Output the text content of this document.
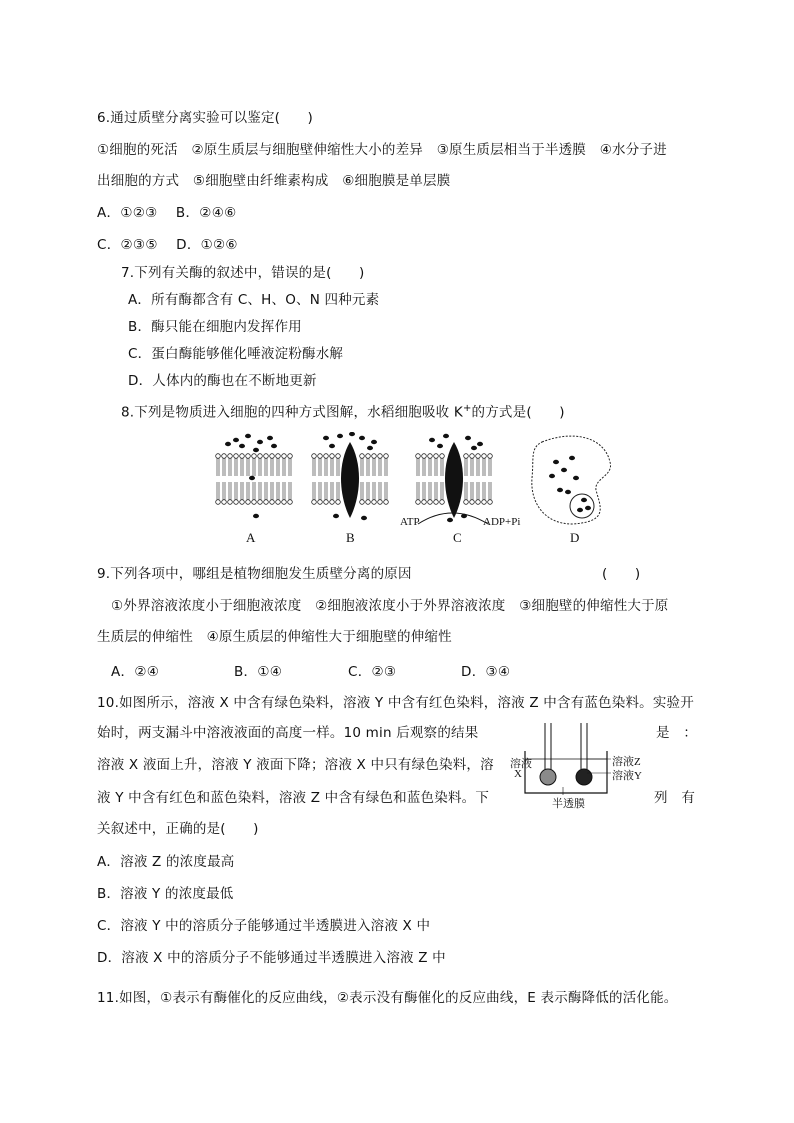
6.通过质壁分离实验可以鉴定(　　)
①细胞的死活　②原生质层与细胞壁伸缩性大小的差异　③原生质层相当于半透膜　④水分子进
出细胞的方式　⑤细胞壁由纤维素构成　⑥细胞膜是单层膜
A．①②③　 B．②④⑥
C．②③⑤　 D．①②⑥
7.下列有关酶的叙述中，错误的是(　　)
A．所有酶都含有 C、H、O、N 四种元素
B．酶只能在细胞内发挥作用
C．蛋白酶能够催化唾液淀粉酶水解
D．人体内的酶也在不断地更新
8.下列是物质进入细胞的四种方式图解，水稻细胞吸收 K+的方式是(　　)
A	B	C	D
ATP	ADP+Pi
9.下列各项中，哪组是植物细胞发生质壁分离的原因	(　　)
①外界溶液浓度小于细胞液浓度　②细胞液浓度小于外界溶液浓度　③细胞壁的伸缩性大于原
生质层的伸缩性　④原生质层的伸缩性大于细胞壁的伸缩性
A．②④	B．①④	C．②③	D．③④
10.如图所示，溶液 X 中含有绿色染料，溶液 Y 中含有红色染料，溶液 Z 中含有蓝色染料。实验开
始时，两支漏斗中溶液液面的高度一样。10 min 后观察的结果	是　：
溶液 X 液面上升，溶液 Y 液面下降；溶液 X 中只有绿色染料，溶
液 Y 中含有红色和蓝色染料，溶液 Z 中含有绿色和蓝色染料。下	列　有
关叙述中，正确的是(　　)
溶液Z
溶液Y
溶液
X
半透膜
A．溶液 Z 的浓度最高
B．溶液 Y 的浓度最低
C．溶液 Y 中的溶质分子能够通过半透膜进入溶液 X 中
D．溶液 X 中的溶质分子不能够通过半透膜进入溶液 Z 中
11.如图，①表示有酶催化的反应曲线，②表示没有酶催化的反应曲线，E 表示酶降低的活化能。
